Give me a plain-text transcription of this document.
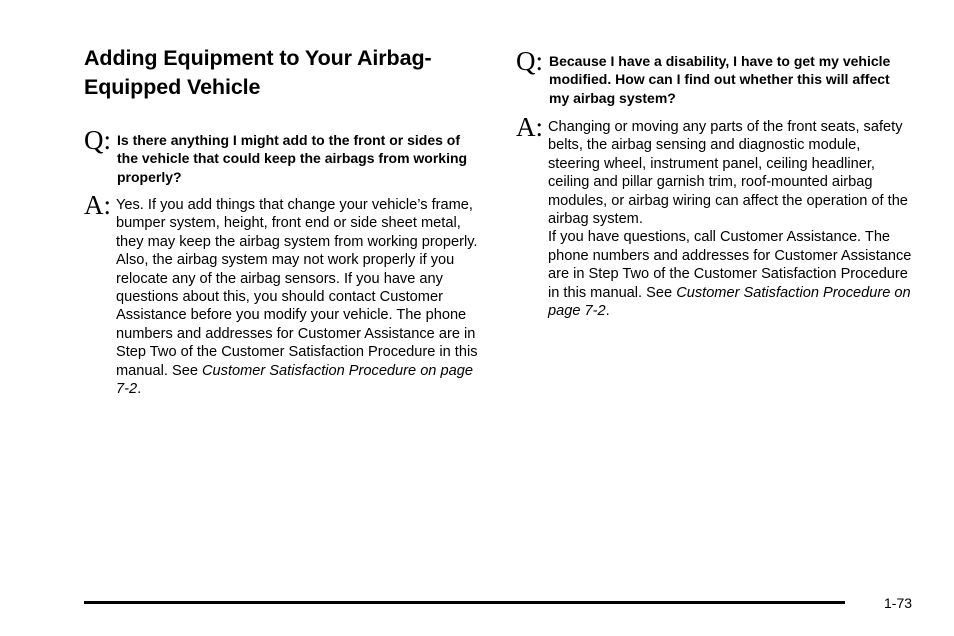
Adding Equipment to Your Airbag-Equipped Vehicle
Q: Is there anything I might add to the front or sides of the vehicle that could keep the airbags from working properly?

A: Yes. If you add things that change your vehicle’s frame, bumper system, height, front end or side sheet metal, they may keep the airbag system from working properly. Also, the airbag system may not work properly if you relocate any of the airbag sensors. If you have any questions about this, you should contact Customer Assistance before you modify your vehicle. The phone numbers and addresses for Customer Assistance are in Step Two of the Customer Satisfaction Procedure in this manual. See Customer Satisfaction Procedure on page 7-2.
Q: Because I have a disability, I have to get my vehicle modified. How can I find out whether this will affect my airbag system?

A: Changing or moving any parts of the front seats, safety belts, the airbag sensing and diagnostic module, steering wheel, instrument panel, ceiling headliner, ceiling and pillar garnish trim, roof-mounted airbag modules, or airbag wiring can affect the operation of the airbag system.

If you have questions, call Customer Assistance. The phone numbers and addresses for Customer Assistance are in Step Two of the Customer Satisfaction Procedure in this manual. See Customer Satisfaction Procedure on page 7-2.

1-73
